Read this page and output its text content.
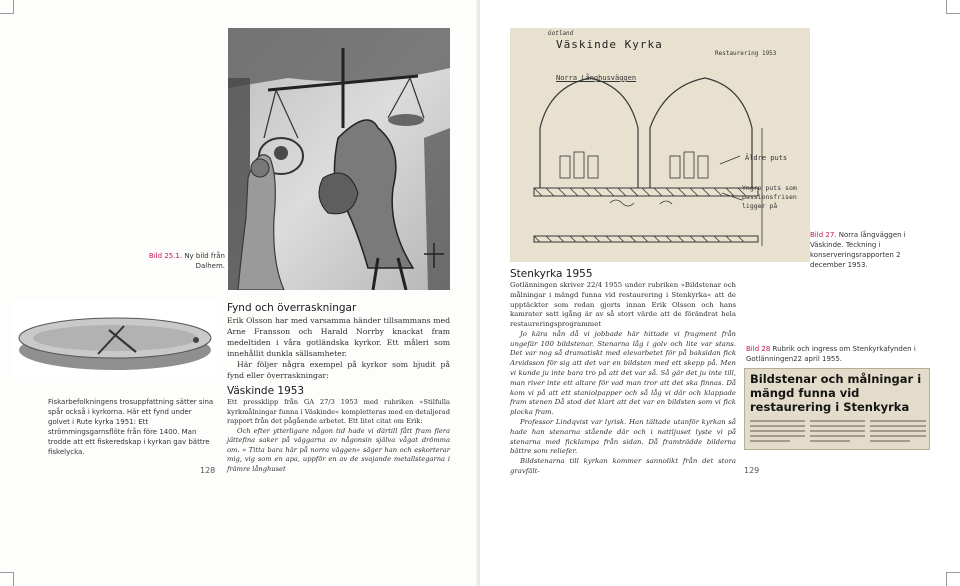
Bild 25.1. Ny bild från Dalhem.
Fiskarbefolkningens trosuppfattning sätter sina spår också i kyrkorna. Här ett fynd under golvet i Rute kyrka 1951: Ett strömmingsgarnsflöte från före 1400. Man trodde att ett fiskeredskap i kyrkan gav bättre fiskelycka.
128
Fynd och överraskningar

Erik Olsson har med varsamma händer tillsammans med Arne Fransson och Harald Norrby knackat fram medeltiden i våra gotländska kyrkor. Ett måleri som innehållit dunkla sällsamheter.

Här följer några exempel på kyrkor som bjudit på fynd eller överraskningar:

Väskinde 1953

Ett pressklipp från GA 27/3 1953 med rubriken »Stilfulla kyrkmålningar funna i Väskinde« kompletteras med en detaljerad rapport från det pågående arbetet. Ett litet citat om Erik:

Och efter ytterligare någon tid hade vi därtill fått fram flera jättefina saker på väggarna av någonsin själva vågat drömma om. » Titta bara här på norra väggen« säger han och eskorterar mig, vig som en apa, uppför en av de svajande metallstegarna i främre långhuset

Gotland
Väskinde Kyrka
Restaurering 1953
Norra Långhusväggen
Äldre puts
Yngre puts som
passionsfrisen
ligger på
Bild 27. Norra långväggen i Väskinde. Teckning i konserveringsrapporten 2 december 1953.
Bild 28 Rubrik och ingress om Stenkyrkafynden i Gotlänningen22 april 1955.
Bildstenar och målningar i mängd funna vid restaurering i Stenkyrka
129
Stenkyrka 1955

Gotlänningen skriver 22/4 1955 under rubriken »Bildstenar och målningar i mängd funna vid restaurering i Stenkyrka« att de upptäckter som redan gjorts innan Erik Olsson och hans kamrater satt igång är av så stort värde att de förändrat hela restaureringsprogrammet

Jo kära nån då vi jobbade här hittade vi fragment från ungefär 100 bildstenar. Stenarna låg i golv och lite var stans. Det var nog så dramatiskt med elevarbetet för på baksidan fick Arvidsson för sig att det var en bildsten med ett skepp på. Men vi kunde ju inte bara tro på att det var så. Så gär det ju inte till, man river inte ett altare för vad man tror att det ska finnas. Då kom vi på att ett staniolpapper och så låg vi där och klappade fram stenen Då stod det klart att det var en bildsten som vi fick plocka fram.

Professor Lindqvist var lyrisk. Han tältade utanför kyrkan så hade han stenarna stående där och i nattljuset lyste vi på stenarna med ficklampa från sidan. Då framträdde bilderna bättre som reliefer.

Bildstenarna till kyrkan kommer sannolikt från det stora gravfält-
